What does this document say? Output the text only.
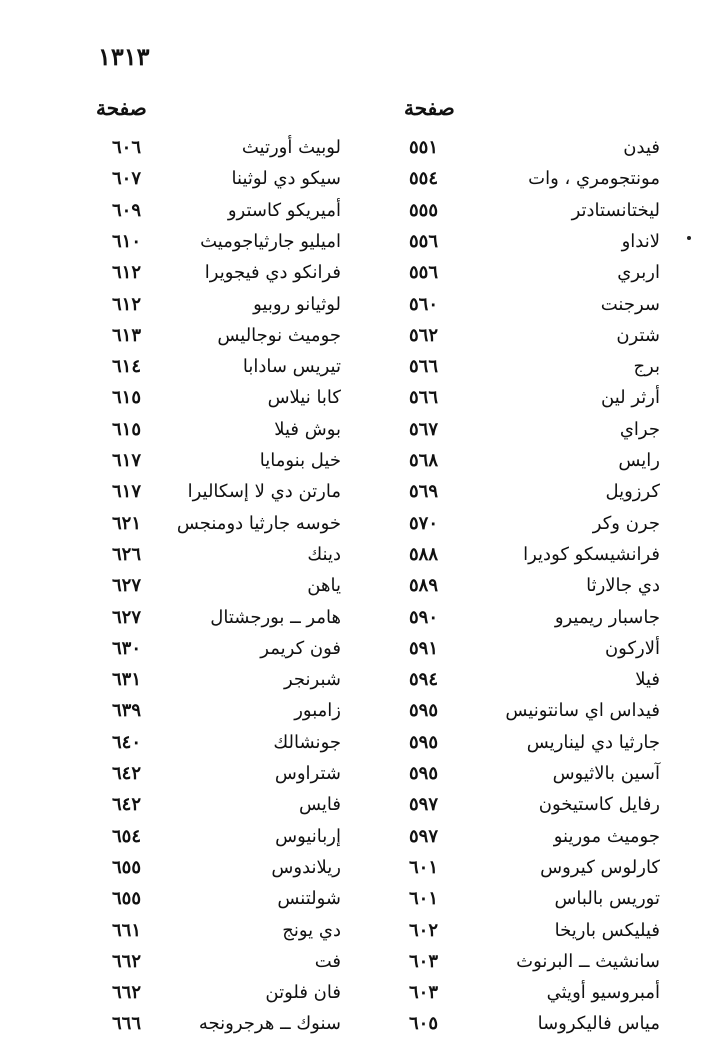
١٣١٣
صفحة	صفحة
فيدن
٥٥١
لوبيث أورتيث
٦٠٦
مونتجومري ، وات
٥٥٤
سيكو دي لوثينا
٦٠٧
ليختانستادتر
٥٥٥
أميريكو كاسترو
٦٠٩
لانداو
٥٥٦
اميليو جارثياجوميث
٦١٠
اربري
٥٥٦
فرانكو دي فيجويرا
٦١٢
سرجنت
٥٦٠
لوثيانو روبيو
٦١٢
شترن
٥٦٢
جوميث نوجاليس
٦١٣
برج
٥٦٦
تيريس سادابا
٦١٤
أرثر لين
٥٦٦
كابا نيلاس
٦١٥
جراي
٥٦٧
بوش فيلا
٦١٥
رايس
٥٦٨
خيل بنومايا
٦١٧
كرزويل
٥٦٩
مارتن دي لا إسكاليرا
٦١٧
جرن وكر
٥٧٠
خوسه جارثيا دومنجس
٦٢١
فرانشيسكو كوديرا
٥٨٨
دينك
٦٢٦
دي جالارثا
٥٨٩
ياهن
٦٢٧
جاسبار ريميرو
٥٩٠
هامر ــ بورجشتال
٦٢٧
ألاركون
٥٩١
فون كريمر
٦٣٠
فيلا
٥٩٤
شبرنجر
٦٣١
فيداس اي سانتونيس
٥٩٥
زامبور
٦٣٩
جارثيا دي ليناريس
٥٩٥
جونشالك
٦٤٠
آسين بالاثيوس
٥٩٥
شتراوس
٦٤٢
رفايل كاستيخون
٥٩٧
فايس
٦٤٢
جوميث مورينو
٥٩٧
إربانيوس
٦٥٤
كارلوس كيروس
٦٠١
ريلاندوس
٦٥٥
توريس بالباس
٦٠١
شولتنس
٦٥٥
فيليكس باريخا
٦٠٢
دي يونج
٦٦١
سانشيث ــ البرنوث
٦٠٣
فت
٦٦٢
أمبروسيو أويثي
٦٠٣
فان فلوتن
٦٦٢
مياس فاليكروسا
٦٠٥
سنوك ــ هرجرونجه
٦٦٦
